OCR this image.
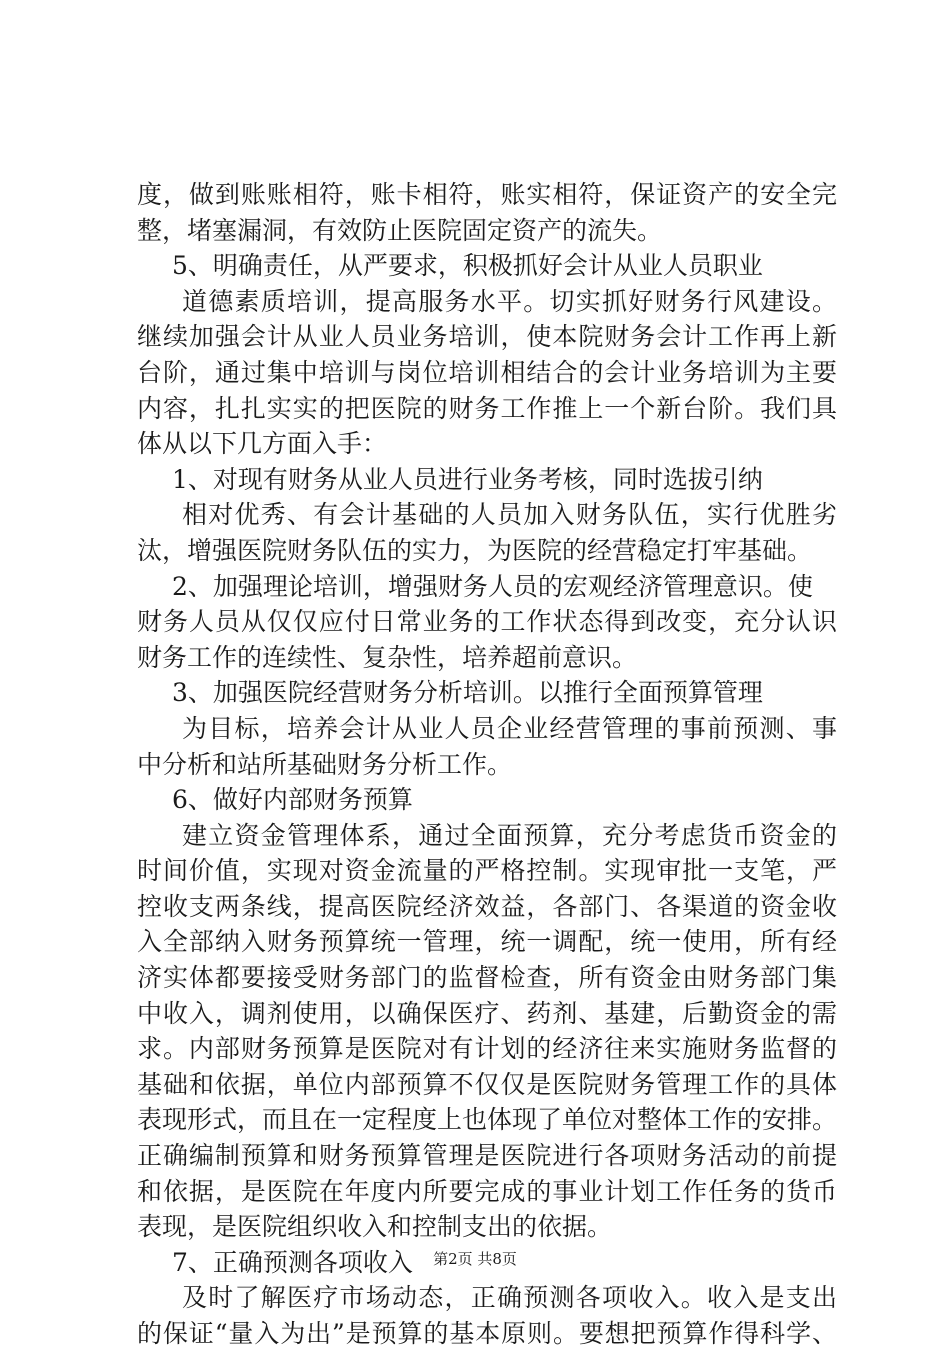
度，做到账账相符，账卡相符，账实相符，保证资产的安全完
整，堵塞漏洞，有效防止医院固定资产的流失。
5、明确责任，从严要求，积极抓好会计从业人员职业
道德素质培训，提高服务水平。切实抓好财务行风建设。
继续加强会计从业人员业务培训，使本院财务会计工作再上新
台阶，通过集中培训与岗位培训相结合的会计业务培训为主要
内容，扎扎实实的把医院的财务工作推上一个新台阶。我们具
体从以下几方面入手：
1、对现有财务从业人员进行业务考核，同时选拔引纳
相对优秀、有会计基础的人员加入财务队伍，实行优胜劣
汰，增强医院财务队伍的实力，为医院的经营稳定打牢基础。
2、加强理论培训，增强财务人员的宏观经济管理意识。使
财务人员从仅仅应付日常业务的工作状态得到改变，充分认识
财务工作的连续性、复杂性，培养超前意识。
3、加强医院经营财务分析培训。以推行全面预算管理
为目标，培养会计从业人员企业经营管理的事前预测、事
中分析和站所基础财务分析工作。
6、做好内部财务预算
建立资金管理体系，通过全面预算，充分考虑货币资金的
时间价值，实现对资金流量的严格控制。实现审批一支笔，严
控收支两条线，提高医院经济效益，各部门、各渠道的资金收
入全部纳入财务预算统一管理，统一调配，统一使用，所有经
济实体都要接受财务部门的监督检查，所有资金由财务部门集
中收入，调剂使用，以确保医疗、药剂、基建，后勤资金的需
求。内部财务预算是医院对有计划的经济往来实施财务监督的
基础和依据，单位内部预算不仅仅是医院财务管理工作的具体
表现形式，而且在一定程度上也体现了单位对整体工作的安排。
正确编制预算和财务预算管理是医院进行各项财务活动的前提
和依据，是医院在年度内所要完成的事业计划工作任务的货币
表现，是医院组织收入和控制支出的依据。
7、正确预测各项收入
及时了解医疗市场动态，正确预测各项收入。收入是支出
的保证“量入为出”是预算的基本原则。要想把预算作得科学、
第2页 共8页
